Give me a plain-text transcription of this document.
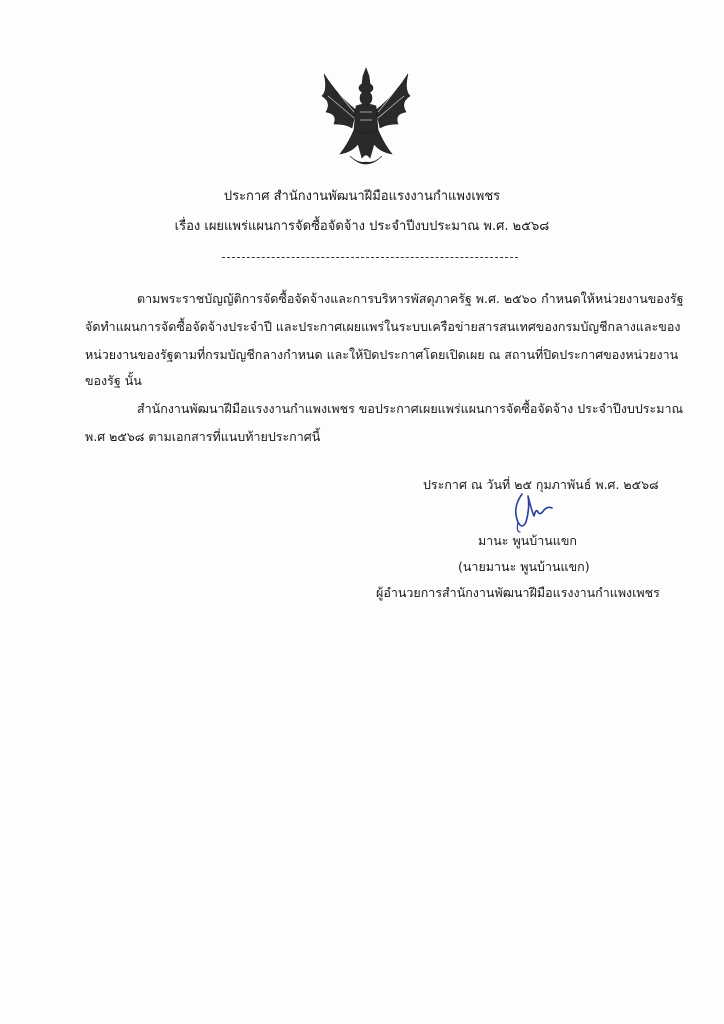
ประกาศ สำนักงานพัฒนาฝีมือแรงงานกำแพงเพชร
เรื่อง เผยแพร่แผนการจัดซื้อจัดจ้าง ประจำปีงบประมาณ พ.ศ. ๒๕๖๘
ตามพระราชบัญญัติการจัดซื้อจัดจ้างและการบริหารพัสดุภาครัฐ พ.ศ. ๒๕๖๐ กำหนดให้หน่วยงานของรัฐ
จัดทำแผนการจัดซื้อจัดจ้างประจำปี และประกาศเผยแพร่ในระบบเครือข่ายสารสนเทศของกรมบัญชีกลางและของ
หน่วยงานของรัฐตามที่กรมบัญชีกลางกำหนด และให้ปิดประกาศโดยเปิดเผย ณ สถานที่ปิดประกาศของหน่วยงาน
ของรัฐ นั้น
สำนักงานพัฒนาฝีมือแรงงานกำแพงเพชร ขอประกาศเผยแพร่แผนการจัดซื้อจัดจ้าง ประจำปีงบประมาณ
พ.ศ ๒๕๖๘ ตามเอกสารที่แนบท้ายประกาศนี้
ประกาศ ณ วันที่ ๒๕ กุมภาพันธ์ พ.ศ. ๒๕๖๘
มานะ พูนบ้านแขก
(นายมานะ พูนบ้านแขก)
ผู้อำนวยการสำนักงานพัฒนาฝีมือแรงงานกำแพงเพชร
